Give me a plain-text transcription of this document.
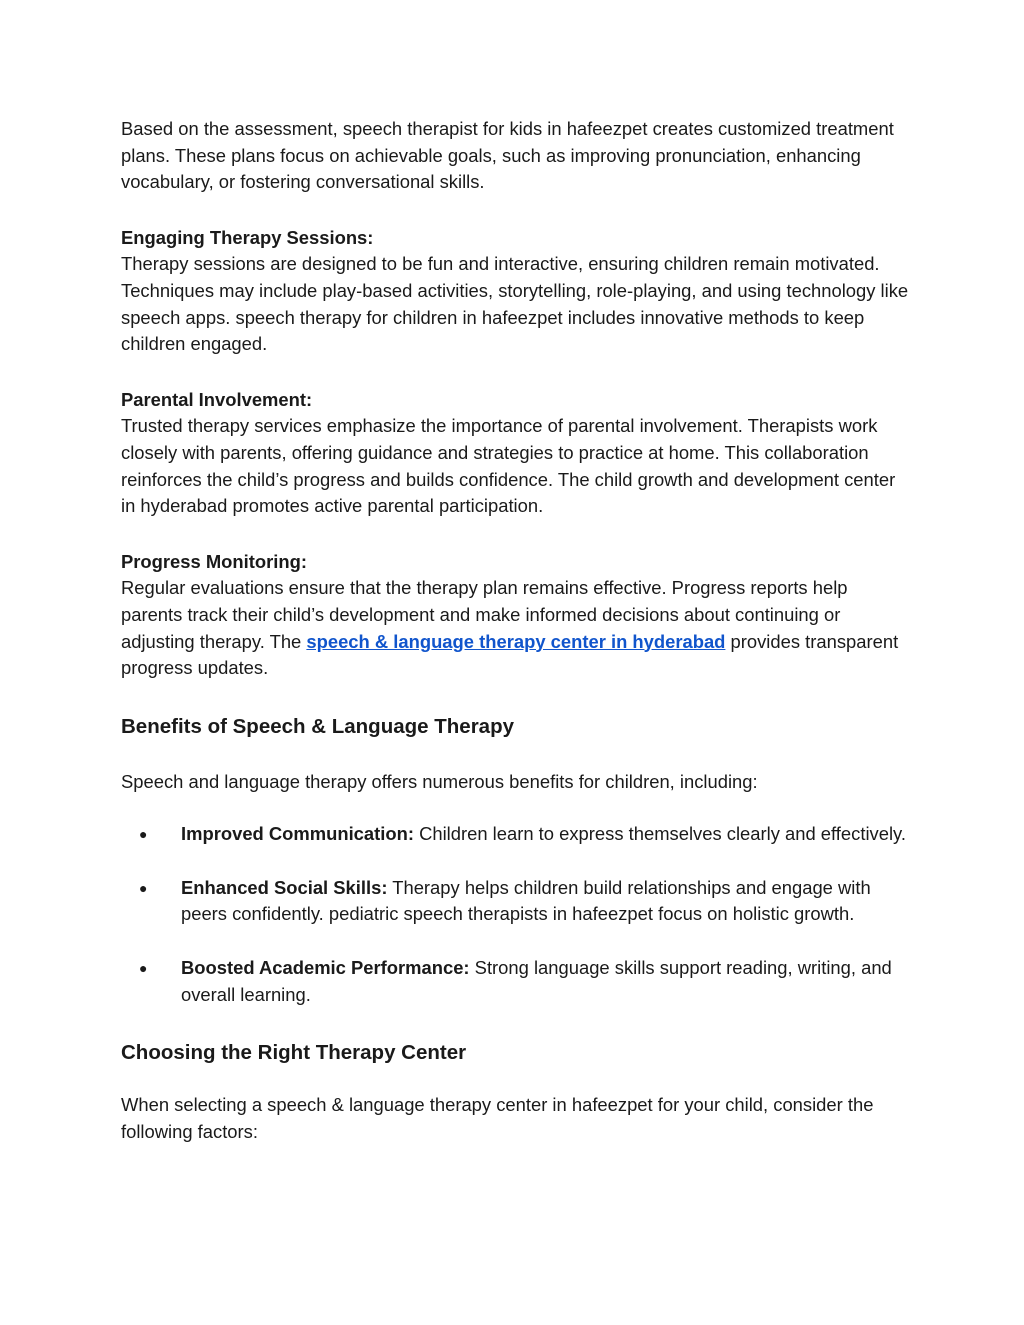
Based on the assessment, speech therapist for kids in hafeezpet creates customized treatment plans. These plans focus on achievable goals, such as improving pronunciation, enhancing vocabulary, or fostering conversational skills.

Engaging Therapy Sessions:

Therapy sessions are designed to be fun and interactive, ensuring children remain motivated. Techniques may include play-based activities, storytelling, role-playing, and using technology like speech apps. speech therapy for children in hafeezpet includes innovative methods to keep children engaged.

Parental Involvement:

Trusted therapy services emphasize the importance of parental involvement. Therapists work closely with parents, offering guidance and strategies to practice at home. This collaboration reinforces the child’s progress and builds confidence. The child growth and development center in hyderabad promotes active parental participation.

Progress Monitoring:

Regular evaluations ensure that the therapy plan remains effective. Progress reports help parents track their child’s development and make informed decisions about continuing or adjusting therapy. The speech & language therapy center in hyderabad provides transparent progress updates.

Benefits of Speech & Language Therapy

Speech and language therapy offers numerous benefits for children, including:

● Improved Communication: Children learn to express themselves clearly and effectively.
● Enhanced Social Skills: Therapy helps children build relationships and engage with peers confidently. pediatric speech therapists in hafeezpet focus on holistic growth.
● Boosted Academic Performance: Strong language skills support reading, writing, and overall learning.
Choosing the Right Therapy Center

When selecting a speech & language therapy center in hafeezpet for your child, consider the following factors:
